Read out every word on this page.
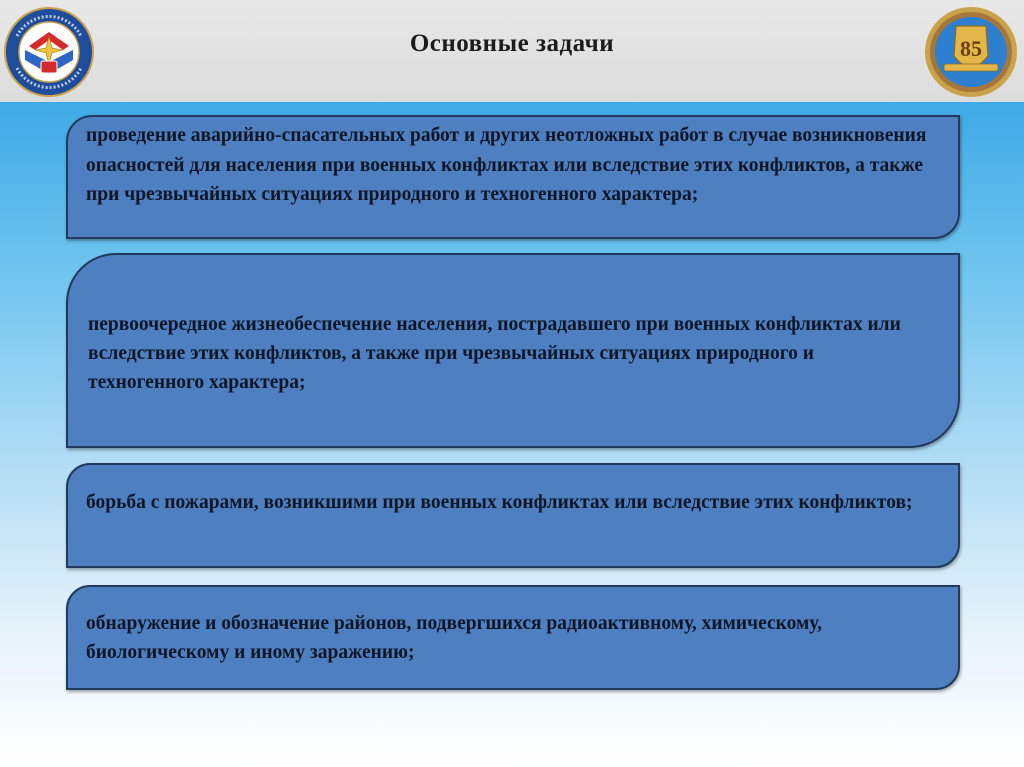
Основные задачи	85
проведение аварийно-спасательных работ и других неотложных работ в случае возникновения опасностей для населения при военных конфликтах или вследствие этих конфликтов, а также при чрезвычайных ситуациях природного и техногенного характера;
первоочередное жизнеобеспечение населения, пострадавшего при военных конфликтах или вследствие этих конфликтов, а также при чрезвычайных ситуациях природного и техногенного характера;
борьба с пожарами, возникшими при военных конфликтах или вследствие этих конфликтов;
обнаружение и обозначение районов, подвергшихся радиоактивному, химическому, биологическому и иному заражению;
